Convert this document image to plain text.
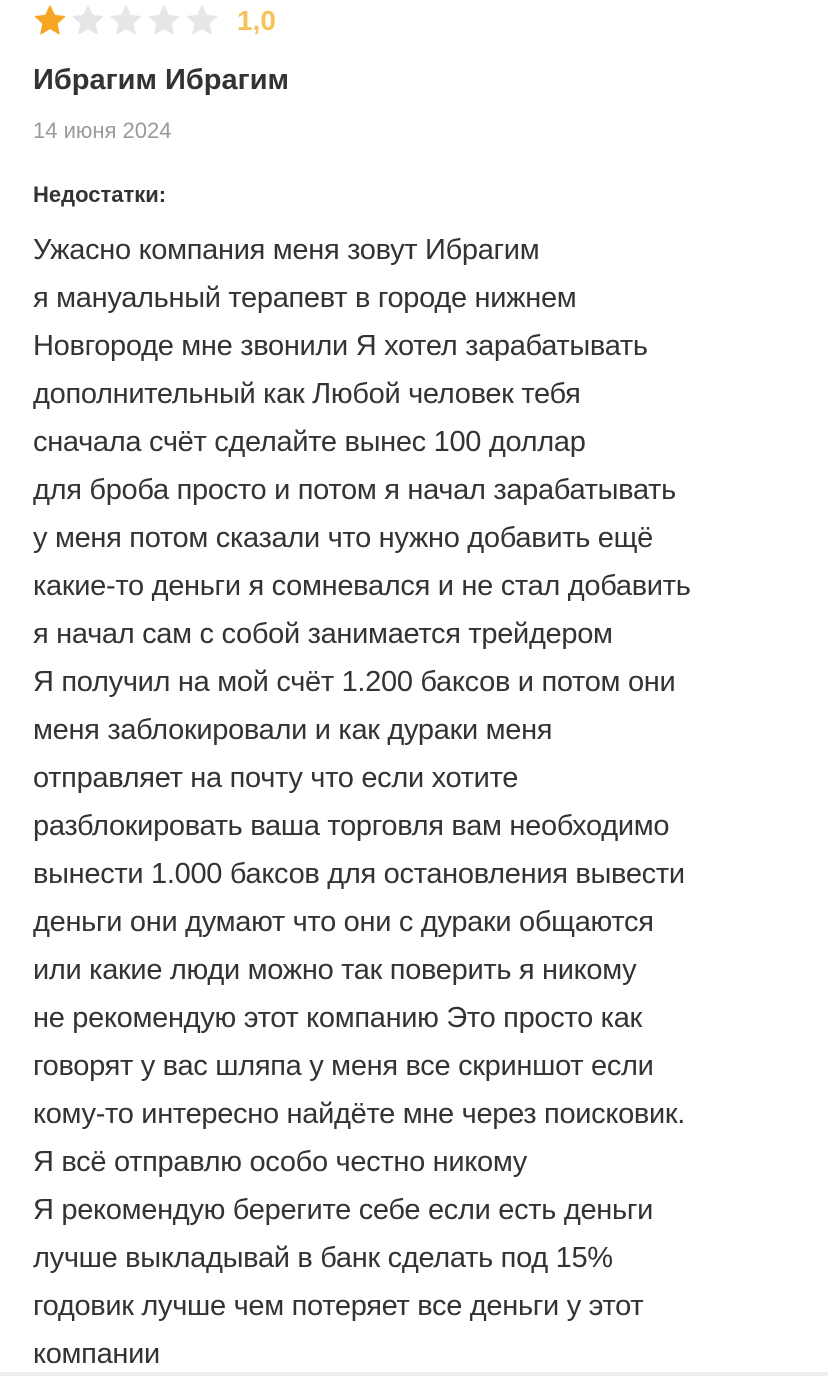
1,0
Ибрагим Ибрагим
14 июня 2024
Недостатки:
Ужасно компания меня зовут Ибрагим
я мануальный терапевт в городе нижнем
Новгороде мне звонили Я хотел зарабатывать
дополнительный как Любой человек тебя
сначала счёт сделайте вынес 100 доллар
для броба просто и потом я начал зарабатывать
у меня потом сказали что нужно добавить ещё
какие-то деньги я сомневался и не стал добавить
я начал сам с собой занимается трейдером
Я получил на мой счёт 1.200 баксов и потом они
меня заблокировали и как дураки меня
отправляет на почту что если хотите
разблокировать ваша торговля вам необходимо
вынести 1.000 баксов для остановления вывести
деньги они думают что они с дураки общаются
или какие люди можно так поверить я никому
не рекомендую этот компанию Это просто как
говорят у вас шляпа у меня все скриншот если
кому-то интересно найдёте мне через поисковик.
Я всё отправлю особо честно никому
Я рекомендую берегите себе если есть деньги
лучше выкладывай в банк сделать под 15%
годовик лучше чем потеряет все деньги у этот
компании
